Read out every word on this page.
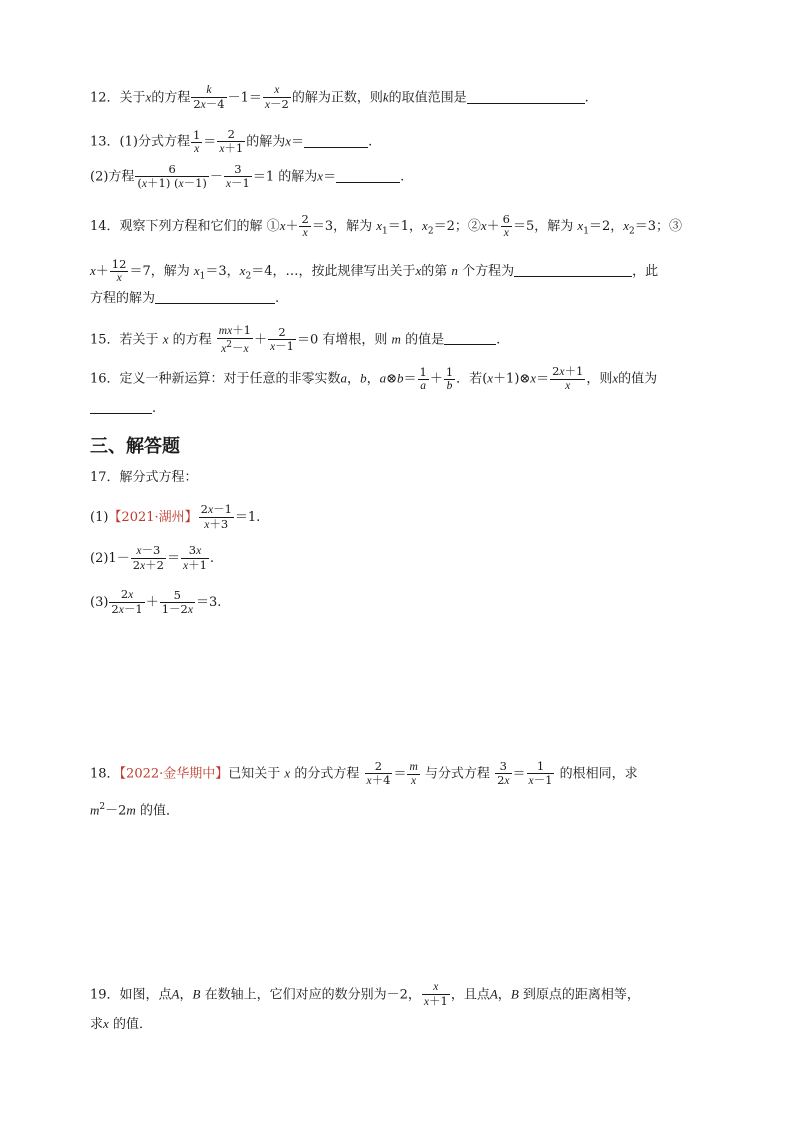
12．关于x的方程 $\frac{k}{2x-4} -1= \frac{x}{x-2}$ 的解为正数，则k的取值范围是	.
13．(1)分式方程 $\frac{1}{x} = \frac{2}{x+1}$ 的解为x＝	.
(2)方程 $\frac{6}{(x+1) (x-1)} - \frac{3}{x-1} =1$ 的解为x＝	.
14．观察下列方程和它们的解 ①x＋ $\frac{2}{x} =3$，解为 $x_1=1$，$x_2=2$；②x＋ $\frac{6}{x} =5$，解为 $x_1=2$，$x_2=3$；③
$x+ \frac{12}{x} =7$，解为 $x_1=3$，$x_2=4$，…，按此规律写出关于x的第 n 个方程为	，此
方程的解为	.
15．若关于 x 的方程 $\frac{mx+1}{x^2-x} + \frac{2}{x-1} =0$ 有增根，则 m 的值是	.
16．定义一种新运算：对于任意的非零实数a，b，a⊗b＝ $\frac{1}{a} + \frac{1}{b}$ ．若(x＋1)⊗x＝ $\frac{2x+1}{x}$ ，则x的值为
.
三、解答题
17．解分式方程：
(1)【2021·湖州】 $\frac{2x-1}{x+3} =1$.
$(2)1- \frac{x-3}{2x+2} = \frac{3x}{x+1}$ .
$(3) \frac{2x}{2x-1} + \frac{5}{1-2x} =3$.
18．【2022·金华期中】已知关于 x 的分式方程 $\frac{2}{x+4} = \frac{m}{x}$ 与分式方程 $\frac{3}{2x} = \frac{1}{x-1}$ 的根相同，求
$m^2-2m$ 的值．
19．如图，点A，B 在数轴上，它们对应的数分别为－2， $\frac{x}{x+1}$ ，且点A，B 到原点的距离相等，
求x 的值．
